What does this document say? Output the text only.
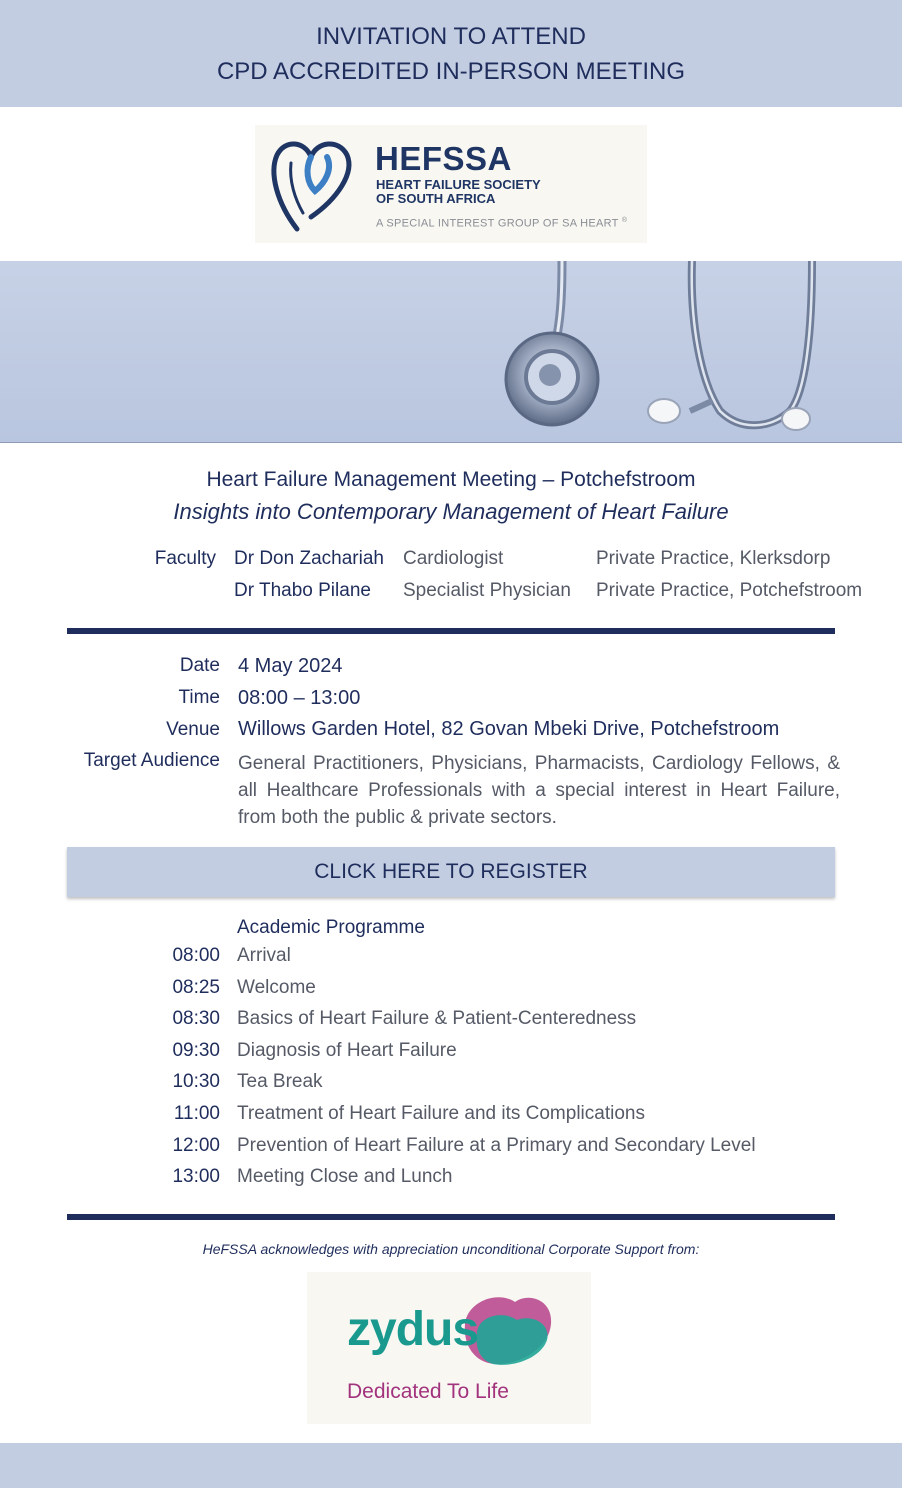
INVITATION TO ATTEND
CPD ACCREDITED IN-PERSON MEETING
HEFSSA
HEART FAILURE SOCIETY
OF SOUTH AFRICA
A SPECIAL INTEREST GROUP OF SA HEART ®
Heart Failure Management Meeting – Potchefstroom
Insights into Contemporary Management of Heart Failure
Faculty Dr Don Zachariah Cardiologist	Private Practice, Klerksdorp
Dr Thabo Pilane Specialist Physician Private Practice, Potchefstroom
Date 4 May 2024
Time 08:00 – 13:00
Venue Willows Garden Hotel, 82 Govan Mbeki Drive, Potchefstroom
Target Audience General Practitioners, Physicians, Pharmacists, Cardiology Fellows, & all Healthcare Professionals with a special interest in Heart Failure, from both the public & private sectors.
CLICK HERE TO REGISTER
Academic Programme
08:00 Arrival
08:25 Welcome
08:30 Basics of Heart Failure & Patient-Centeredness
09:30 Diagnosis of Heart Failure
10:30 Tea Break
11:00 Treatment of Heart Failure and its Complications
12:00 Prevention of Heart Failure at a Primary and Secondary Level
13:00 Meeting Close and Lunch
HeFSSA acknowledges with appreciation unconditional Corporate Support from:
zydus
Dedicated To Life
